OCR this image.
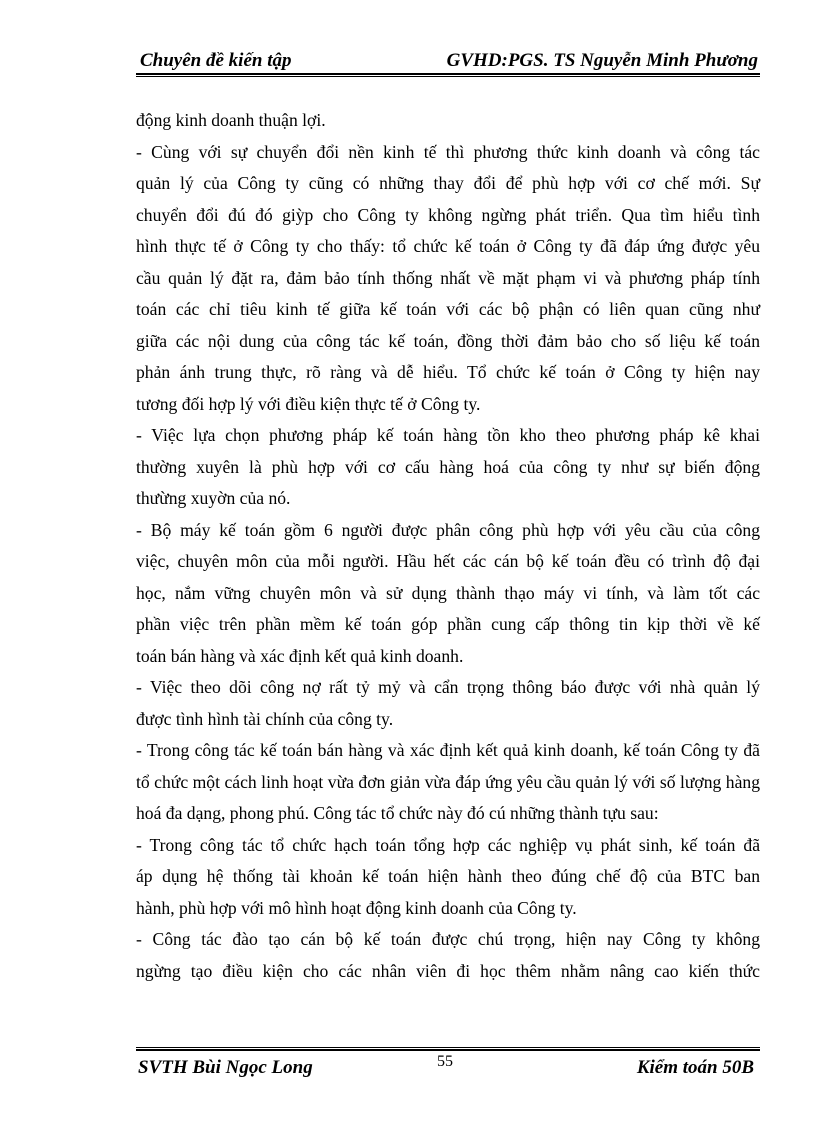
Chuyên đề kiến tập	GVHD:PGS. TS Nguyễn Minh Phương
động kinh doanh thuận lợi.
- Cùng với sự chuyển đổi nền kinh tế thì phương thức kinh doanh và công tác
quản lý của Công ty cũng có những thay đổi để phù hợp với cơ chế mới. Sự
chuyển đổi đú đó giỳp cho Công ty không ngừng phát triển. Qua tìm hiểu tình
hình thực tế ở Công ty cho thấy: tổ chức kế toán ở Công ty đã đáp ứng được yêu
cầu quản lý đặt ra, đảm bảo tính thống nhất về mặt phạm vi và phương pháp tính
toán các chỉ tiêu kinh tế giữa kế toán với các bộ phận có liên quan cũng như
giữa các nội dung của công tác kế toán, đồng thời đảm bảo cho số liệu kế toán
phản ánh trung thực, rõ ràng và dễ hiểu. Tổ chức kế toán ở Công ty hiện nay
tương đối hợp lý với điều kiện thực tế ở Công ty.
- Việc lựa chọn phương pháp kế toán hàng tồn kho theo phương pháp kê khai
thường xuyên là phù hợp với cơ cấu hàng hoá của công ty như sự biến động
thưừng xuyờn của nó.
- Bộ máy kế toán gồm 6 người được phân công phù hợp với yêu cầu của công
việc, chuyên môn của mỗi người. Hầu hết các cán bộ kế toán đều có trình độ đại
học, nắm vững chuyên môn và sử dụng thành thạo máy vi tính, và làm tốt các
phần việc trên phần mềm kế toán góp phần cung cấp thông tin kịp thời về kế
toán bán hàng và xác định kết quả kinh doanh.
- Việc theo dõi công nợ rất tỷ mỷ và cẩn trọng thông báo được với nhà quản lý
được tình hình tài chính của công ty.
- Trong công tác kế toán bán hàng và xác định kết quả kinh doanh, kế toán Công ty đã
tổ chức một cách linh hoạt vừa đơn giản vừa đáp ứng yêu cầu quản lý với số lượng hàng
hoá đa dạng, phong phú. Công tác tổ chức này đó cú những thành tựu sau:
- Trong công tác tổ chức hạch toán tổng hợp các nghiệp vụ phát sinh, kế toán đã
áp dụng hệ thống tài khoản kế toán hiện hành theo đúng chế độ của BTC ban
hành, phù hợp với mô hình hoạt động kinh doanh của Công ty.
- Công tác đào tạo cán bộ kế toán được chú trọng, hiện nay Công ty không
ngừng tạo điều kiện cho các nhân viên đi học thêm nhằm nâng cao kiến thức
SVTH Bùi Ngọc Long	55	Kiểm toán 50B
